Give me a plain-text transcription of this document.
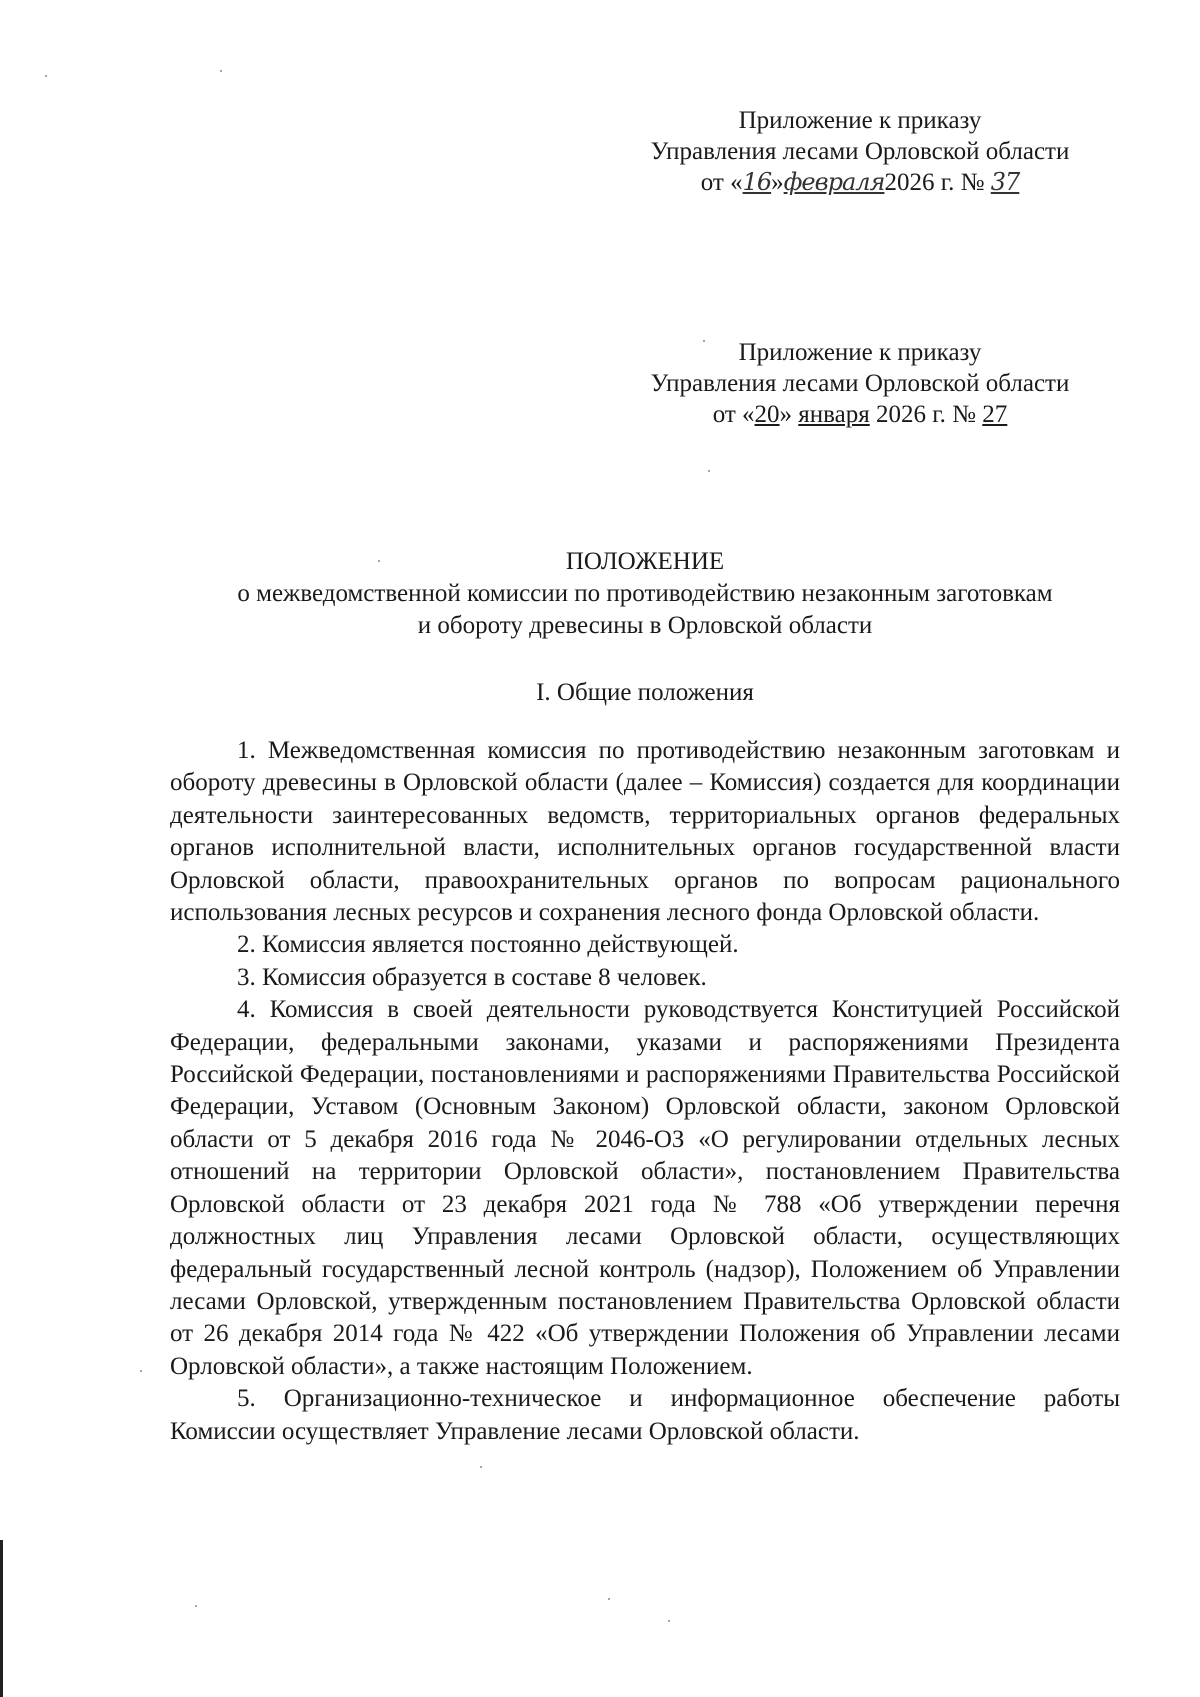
Приложение к приказу
Управления лесами Орловской области
от «16»февраля2026 г. № 37
Приложение к приказу
Управления лесами Орловской области
от «20» января 2026 г. № 27
ПОЛОЖЕНИЕ
о межведомственной комиссии по противодействию незаконным заготовкам
и обороту древесины в Орловской области
I. Общие положения

1. Межведомственная комиссия по противодействию незаконным заготовкам и обороту древесины в Орловской области (далее – Комиссия) создается для координации деятельности заинтересованных ведомств, территориальных органов федеральных органов исполнительной власти, исполнительных органов государственной власти Орловской области, правоохранительных органов по вопросам рационального использования лесных ресурсов и сохранения лесного фонда Орловской области.

2. Комиссия является постоянно действующей.

3. Комиссия образуется в составе 8 человек.

4. Комиссия в своей деятельности руководствуется Конституцией Российской Федерации, федеральными законами, указами и распоряжениями Президента Российской Федерации, постановлениями и распоряжениями Правительства Российской Федерации, Уставом (Основным Законом) Орловской области, законом Орловской области от 5 декабря 2016 года № 2046-ОЗ «О регулировании отдельных лесных отношений на территории Орловской области», постановлением Правительства Орловской области от 23 декабря 2021 года № 788 «Об утверждении перечня должностных лиц Управления лесами Орловской области, осуществляющих федеральный государственный лесной контроль (надзор), Положением об Управлении лесами Орловской, утвержденным постановлением Правительства Орловской области от 26 декабря 2014 года № 422 «Об утверждении Положения об Управлении лесами Орловской области», а также настоящим Положением.

5. Организационно-техническое и информационное обеспечение работы Комиссии осуществляет Управление лесами Орловской области.
